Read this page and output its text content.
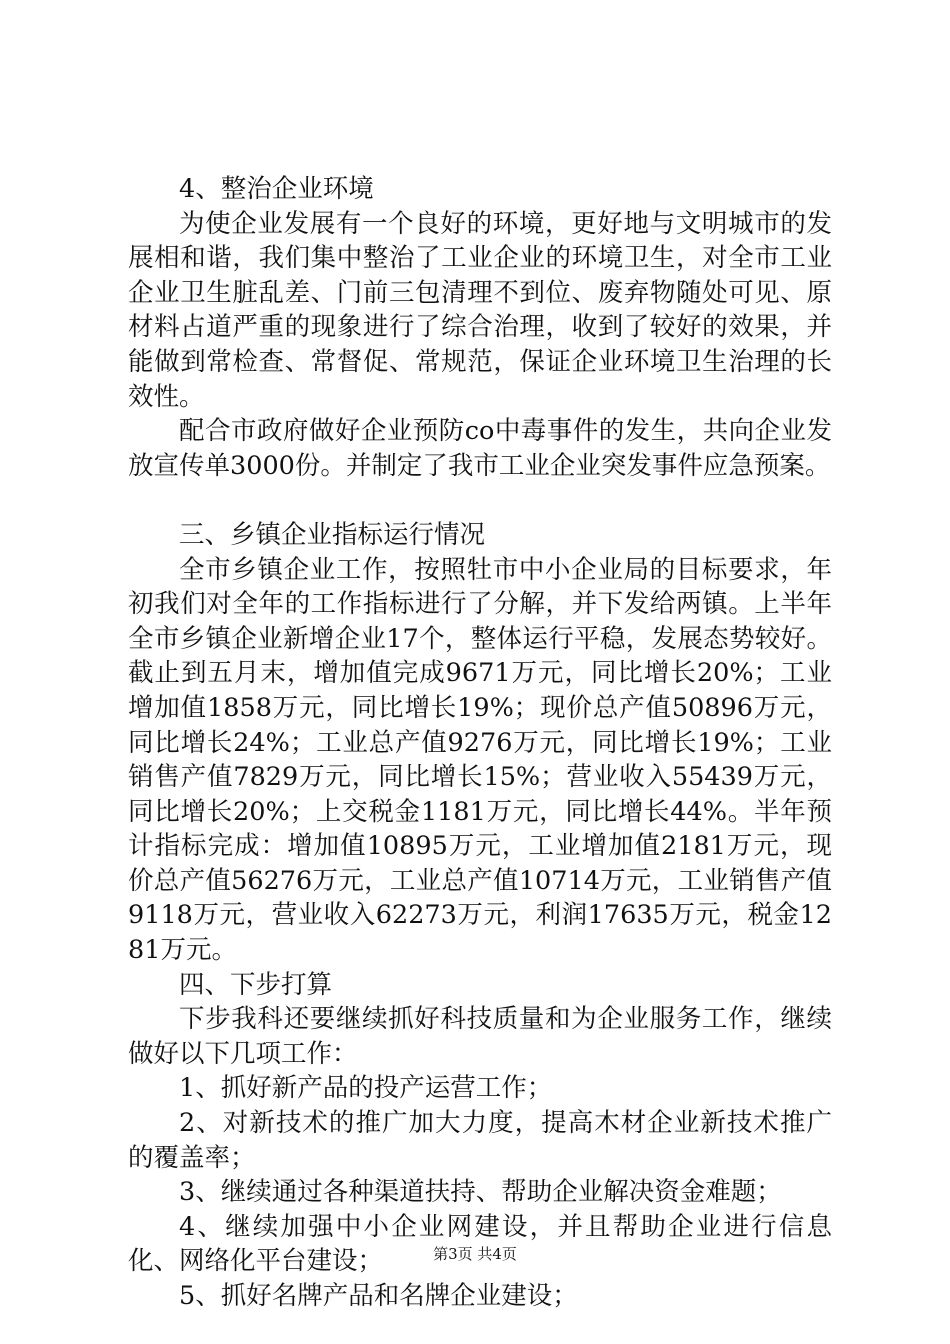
4、整治企业环境

为使企业发展有一个良好的环境，更好地与文明城市的发展相和谐，我们集中整治了工业企业的环境卫生，对全市工业企业卫生脏乱差、门前三包清理不到位、废弃物随处可见、原材料占道严重的现象进行了综合治理，收到了较好的效果，并能做到常检查、常督促、常规范，保证企业环境卫生治理的长效性。

配合市政府做好企业预防co中毒事件的发生，共向企业发放宣传单3000份。并制定了我市工业企业突发事件应急预案。

三、乡镇企业指标运行情况

全市乡镇企业工作，按照牡市中小企业局的目标要求，年初我们对全年的工作指标进行了分解，并下发给两镇。上半年全市乡镇企业新增企业17个，整体运行平稳，发展态势较好。截止到五月末，增加值完成9671万元，同比增长20%；工业增加值1858万元，同比增长19%；现价总产值50896万元，同比增长24%；工业总产值9276万元，同比增长19%；工业销售产值7829万元，同比增长15%；营业收入55439万元，同比增长20%；上交税金1181万元，同比增长44%。半年预计指标完成：增加值10895万元，工业增加值2181万元，现价总产值56276万元，工业总产值10714万元，工业销售产值9118万元，营业收入62273万元，利润17635万元，税金1281万元。

四、下步打算

下步我科还要继续抓好科技质量和为企业服务工作，继续做好以下几项工作：

1、抓好新产品的投产运营工作；

2、对新技术的推广加大力度，提高木材企业新技术推广的覆盖率；

3、继续通过各种渠道扶持、帮助企业解决资金难题；

4、继续加强中小企业网建设，并且帮助企业进行信息化、网络化平台建设；

5、抓好名牌产品和名牌企业建设；

第3页 共4页
